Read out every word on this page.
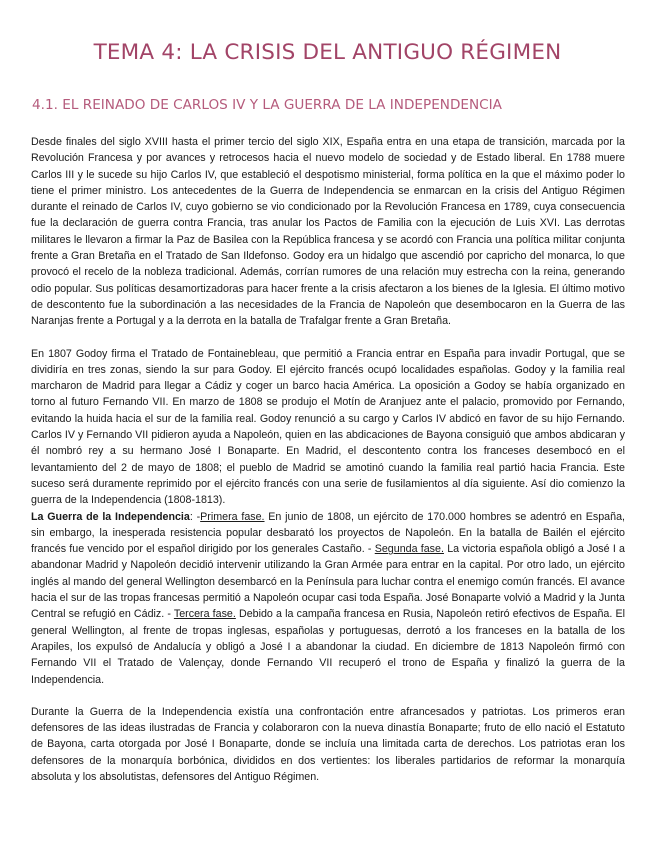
TEMA 4: LA CRISIS DEL ANTIGUO RÉGIMEN
4.1. EL REINADO DE CARLOS IV Y LA GUERRA DE LA INDEPENDENCIA

Desde finales del siglo XVIII hasta el primer tercio del siglo XIX, España entra en una etapa de transición, marcada por la Revolución Francesa y por avances y retrocesos hacia el nuevo modelo de sociedad y de Estado liberal. En 1788 muere Carlos III y le sucede su hijo Carlos IV, que estableció el despotismo ministerial, forma política en la que el máximo poder lo tiene el primer ministro. Los antecedentes de la Guerra de Independencia se enmarcan en la crisis del Antiguo Régimen durante el reinado de Carlos IV, cuyo gobierno se vio condicionado por la Revolución Francesa en 1789, cuya consecuencia fue la declaración de guerra contra Francia, tras anular los Pactos de Familia con la ejecución de Luis XVI. Las derrotas militares le llevaron a firmar la Paz de Basilea con la República francesa y se acordó con Francia una política militar conjunta frente a Gran Bretaña en el Tratado de San Ildefonso. Godoy era un hidalgo que ascendió por capricho del monarca, lo que provocó el recelo de la nobleza tradicional. Además, corrían rumores de una relación muy estrecha con la reina, generando odio popular. Sus políticas desamortizadoras para hacer frente a la crisis afectaron a los bienes de la Iglesia. El último motivo de descontento fue la subordinación a las necesidades de la Francia de Napoleón que desembocaron en la Guerra de las Naranjas frente a Portugal y a la derrota en la batalla de Trafalgar frente a Gran Bretaña.

En 1807 Godoy firma el Tratado de Fontainebleau, que permitió a Francia entrar en España para invadir Portugal, que se dividiría en tres zonas, siendo la sur para Godoy. El ejército francés ocupó localidades españolas. Godoy y la familia real marcharon de Madrid para llegar a Cádiz y coger un barco hacia América. La oposición a Godoy se había organizado en torno al futuro Fernando VII. En marzo de 1808 se produjo el Motín de Aranjuez ante el palacio, promovido por Fernando, evitando la huida hacia el sur de la familia real. Godoy renunció a su cargo y Carlos IV abdicó en favor de su hijo Fernando. Carlos IV y Fernando VII pidieron ayuda a Napoleón, quien en las abdicaciones de Bayona consiguió que ambos abdicaran y él nombró rey a su hermano José I Bonaparte. En Madrid, el descontento contra los franceses desembocó en el levantamiento del 2 de mayo de 1808; el pueblo de Madrid se amotinó cuando la familia real partió hacia Francia. Este suceso será duramente reprimido por el ejército francés con una serie de fusilamientos al día siguiente. Así dio comienzo la guerra de la Independencia (1808-1813).

La Guerra de la Independencia: -Primera fase. En junio de 1808, un ejército de 170.000 hombres se adentró en España, sin embargo, la inesperada resistencia popular desbarató los proyectos de Napoleón. En la batalla de Bailén el ejército francés fue vencido por el español dirigido por los generales Castaño. - Segunda fase. La victoria española obligó a José I a abandonar Madrid y Napoleón decidió intervenir utilizando la Gran Armée para entrar en la capital. Por otro lado, un ejército inglés al mando del general Wellington desembarcó en la Península para luchar contra el enemigo común francés. El avance hacia el sur de las tropas francesas permitió a Napoleón ocupar casi toda España. José Bonaparte volvió a Madrid y la Junta Central se refugió en Cádiz. - Tercera fase. Debido a la campaña francesa en Rusia, Napoleón retiró efectivos de España. El general Wellington, al frente de tropas inglesas, españolas y portuguesas, derrotó a los franceses en la batalla de los Arapiles, los expulsó de Andalucía y obligó a José I a abandonar la ciudad. En diciembre de 1813 Napoleón firmó con Fernando VII el Tratado de Valençay, donde Fernando VII recuperó el trono de España y finalizó la guerra de la Independencia.

Durante la Guerra de la Independencia existía una confrontación entre afrancesados y patriotas. Los primeros eran defensores de las ideas ilustradas de Francia y colaboraron con la nueva dinastía Bonaparte; fruto de ello nació el Estatuto de Bayona, carta otorgada por José I Bonaparte, donde se incluía una limitada carta de derechos. Los patriotas eran los defensores de la monarquía borbónica, divididos en dos vertientes: los liberales partidarios de reformar la monarquía absoluta y los absolutistas, defensores del Antiguo Régimen.
